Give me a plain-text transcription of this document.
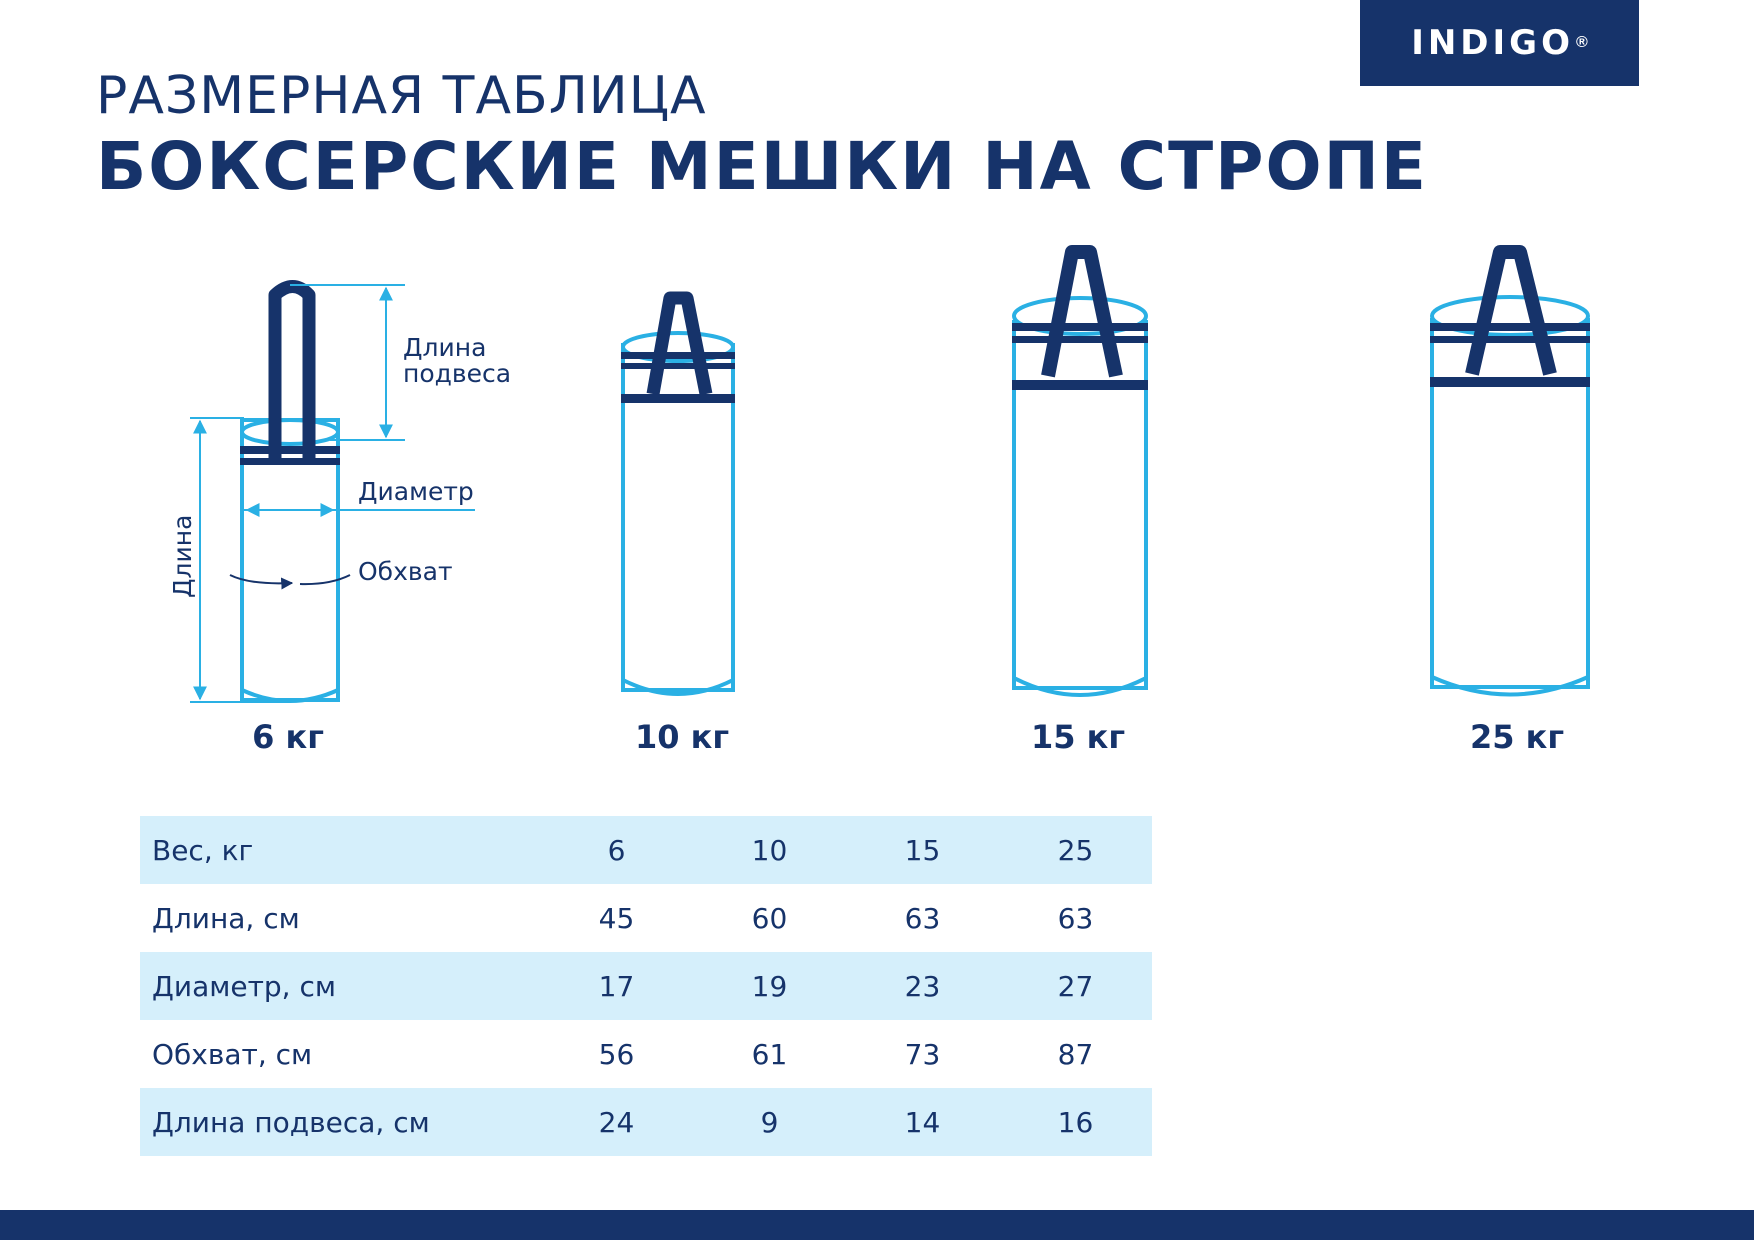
INDIGO ®
РАЗМЕРНАЯ ТАБЛИЦА
БОКСЕРСКИЕ МЕШКИ НА СТРОПЕ
Длина
подвеса
Диаметр
Обхват
Длина
6 кг	10 кг	15 кг	25 кг
Вес, кг	6	10	15	25
Длина, см	45	60	63	63
Диаметр, см	17	19	23	27
Обхват, см	56	61	73	87
Длина подвеса, см	24	9	14	16
